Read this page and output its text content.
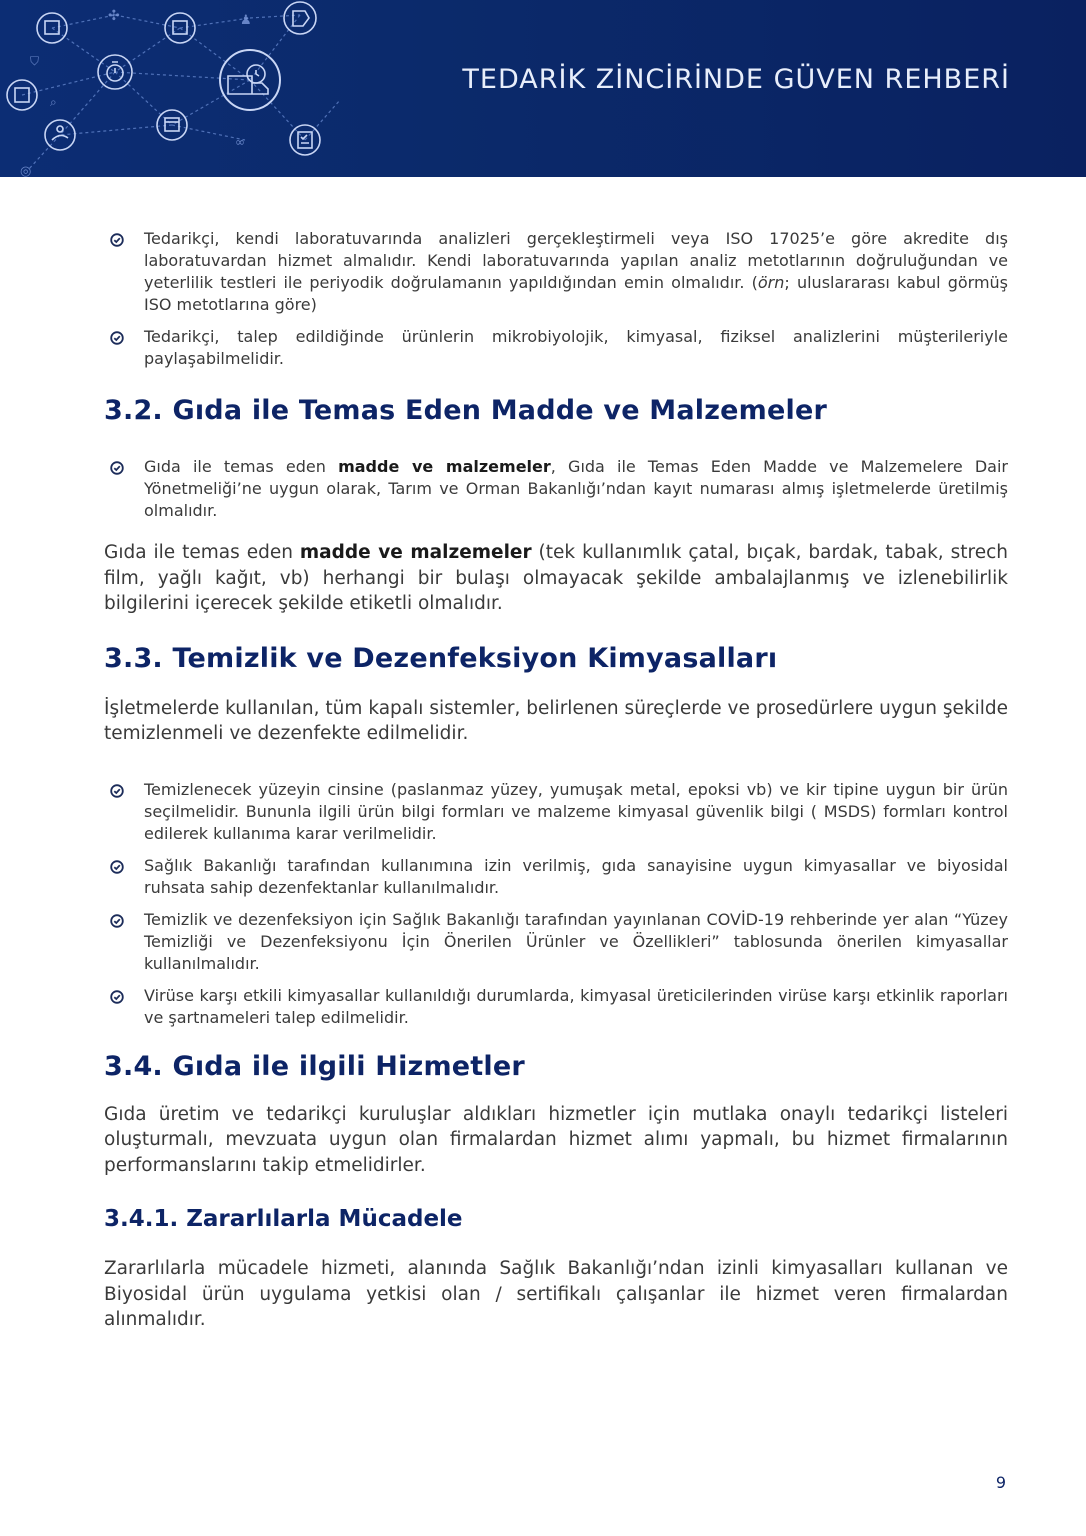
✣	♟
⛉
⌕
∞
◎
TEDARİK ZİNCİRİNDE GÜVEN REHBERİ
Tedarikçi, kendi laboratuvarında analizleri gerçekleştirmeli veya ISO 17025’e göre akredite dış laboratuvardan hizmet almalıdır. Kendi laboratuvarında yapılan analiz metotlarının doğruluğundan ve yeterlilik testleri ile periyodik doğrulamanın yapıldığından emin olmalıdır. (örn; uluslararası kabul görmüş ISO metotlarına göre)
Tedarikçi, talep edildiğinde ürünlerin mikrobiyolojik, kimyasal, fiziksel analizlerini müşterileriyle paylaşabilmelidir.
3.2. Gıda ile Temas Eden Madde ve Malzemeler
Gıda ile temas eden madde ve malzemeler, Gıda ile Temas Eden Madde ve Malzemelere Dair Yönetmeliği’ne uygun olarak, Tarım ve Orman Bakanlığı’ndan kayıt numarası almış işletmelerde üretilmiş olmalıdır.

Gıda ile temas eden madde ve malzemeler (tek kullanımlık çatal, bıçak, bardak, tabak, strech film, yağlı kağıt, vb) herhangi bir bulaşı olmayacak şekilde ambalajlanmış ve izlenebilirlik bilgilerini içerecek şekilde etiketli olmalıdır.

3.3. Temizlik ve Dezenfeksiyon Kimyasalları

İşletmelerde kullanılan, tüm kapalı sistemler, belirlenen süreçlerde ve prosedürlere uygun şekilde temizlenmeli ve dezenfekte edilmelidir.

Temizlenecek yüzeyin cinsine (paslanmaz yüzey, yumuşak metal, epoksi vb) ve kir tipine uygun bir ürün seçilmelidir. Bununla ilgili ürün bilgi formları ve malzeme kimyasal güvenlik bilgi ( MSDS) formları kontrol edilerek kullanıma karar verilmelidir.
Sağlık Bakanlığı tarafından kullanımına izin verilmiş, gıda sanayisine uygun kimyasallar ve biyosidal ruhsata sahip dezenfektanlar kullanılmalıdır.
Temizlik ve dezenfeksiyon için Sağlık Bakanlığı tarafından yayınlanan COVİD-19 rehberinde yer alan “Yüzey Temizliği ve Dezenfeksiyonu İçin Önerilen Ürünler ve Özellikleri” tablosunda önerilen kimyasallar kullanılmalıdır.
Virüse karşı etkili kimyasallar kullanıldığı durumlarda, kimyasal üreticilerinden virüse karşı etkinlik raporları ve şartnameleri talep edilmelidir.
3.4. Gıda ile ilgili Hizmetler

Gıda üretim ve tedarikçi kuruluşlar aldıkları hizmetler için mutlaka onaylı tedarikçi listeleri oluşturmalı, mevzuata uygun olan firmalardan hizmet alımı yapmalı, bu hizmet firmalarının performanslarını takip etmelidirler.

3.4.1. Zararlılarla Mücadele

Zararlılarla mücadele hizmeti, alanında Sağlık Bakanlığı’ndan izinli kimyasalları kullanan ve Biyosidal ürün uygulama yetkisi olan / sertifikalı çalışanlar ile hizmet veren firmalardan alınmalıdır.

9
